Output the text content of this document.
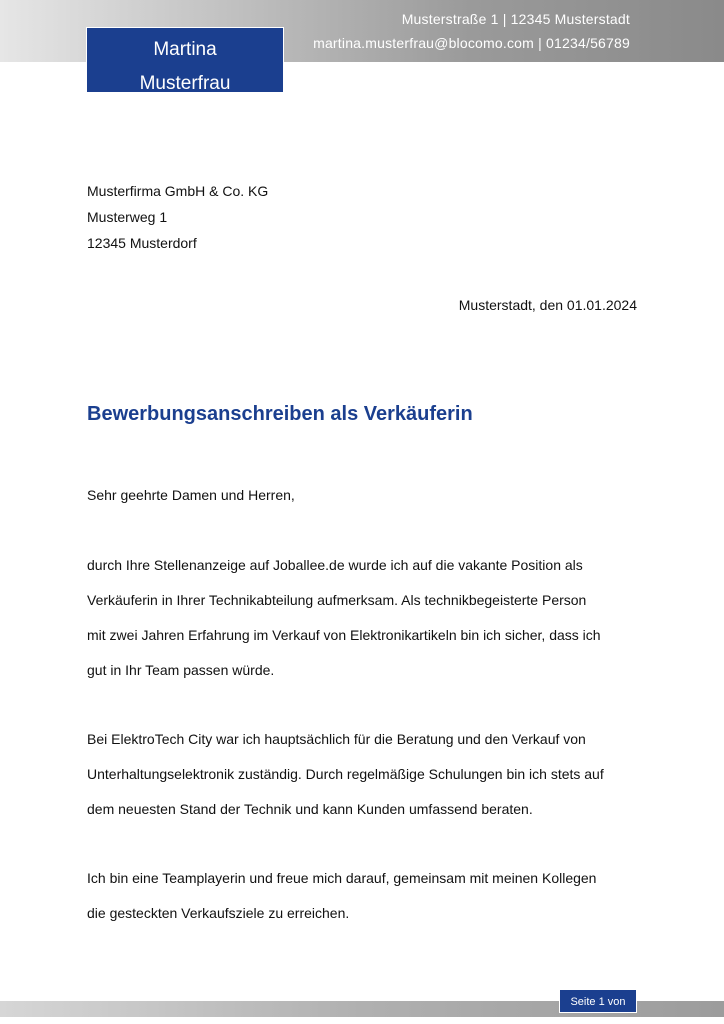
Musterstraße 1 | 12345 Musterstadt
martina.musterfrau@blocomo.com | 01234/56789
Martina
Musterfrau
Musterfirma GmbH & Co. KG
Musterweg 1
12345 Musterdorf
Musterstadt, den 01.01.2024
Bewerbungsanschreiben als Verkäuferin
Sehr geehrte Damen und Herren,
durch Ihre Stellenanzeige auf Joballee.de wurde ich auf die vakante Position als
Verkäuferin in Ihrer Technikabteilung aufmerksam. Als technikbegeisterte Person
mit zwei Jahren Erfahrung im Verkauf von Elektronikartikeln bin ich sicher, dass ich
gut in Ihr Team passen würde.
Bei ElektroTech City war ich hauptsächlich für die Beratung und den Verkauf von
Unterhaltungselektronik zuständig. Durch regelmäßige Schulungen bin ich stets auf
dem neuesten Stand der Technik und kann Kunden umfassend beraten.
Ich bin eine Teamplayerin und freue mich darauf, gemeinsam mit meinen Kollegen
die gesteckten Verkaufsziele zu erreichen.
Seite 1 von
